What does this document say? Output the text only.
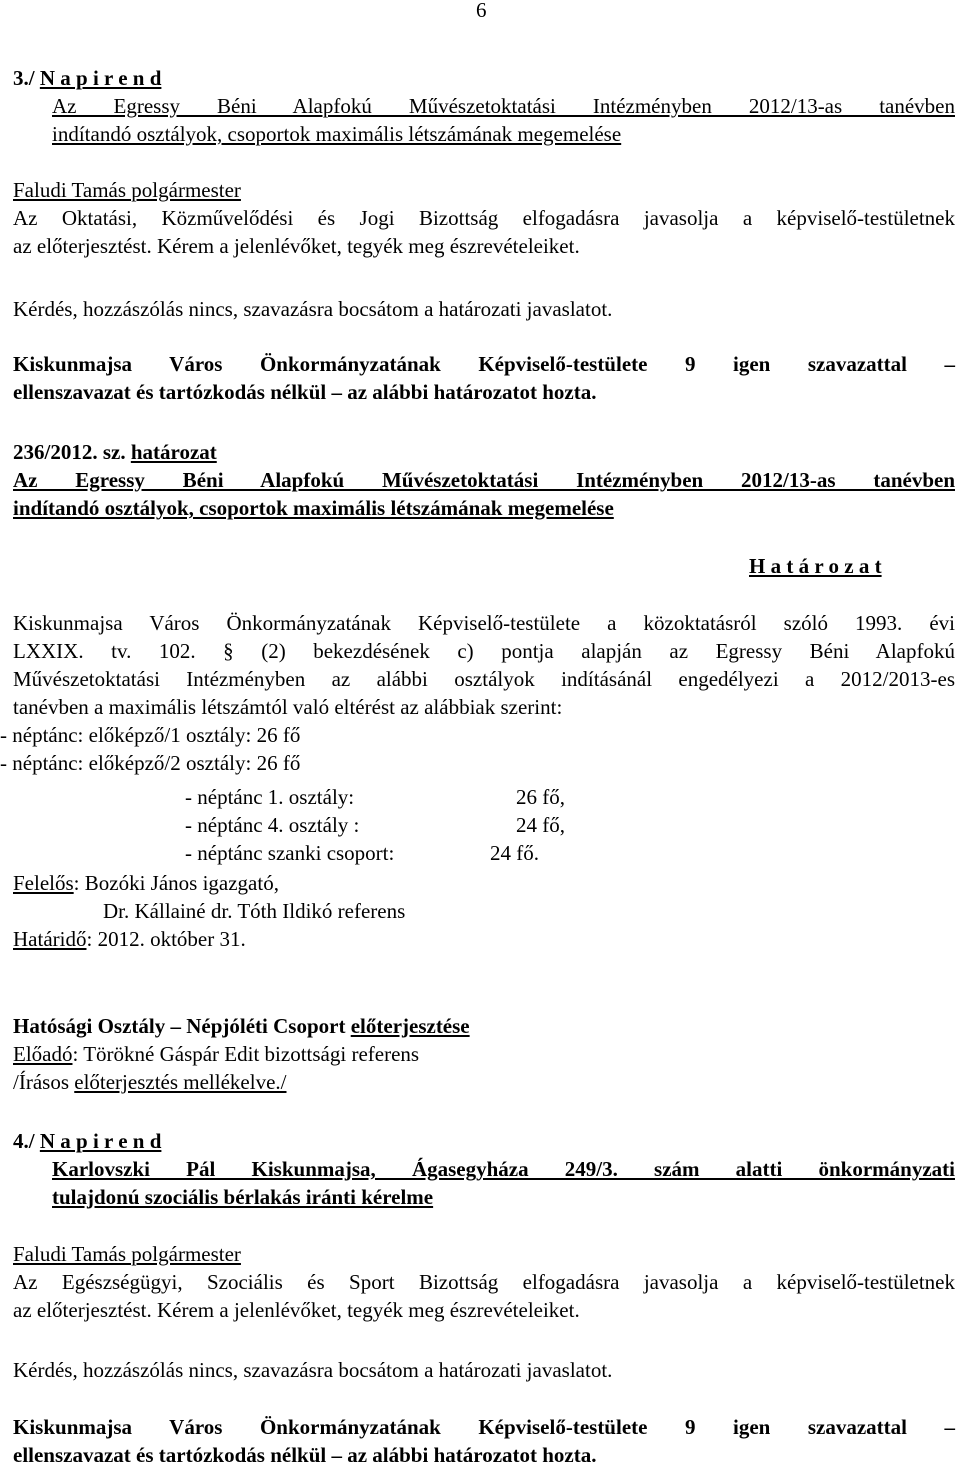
6
3./ N a p i r e n d
Az Egressy Béni Alapfokú Művészetoktatási Intézményben 2012/13-as tanévben
indítandó osztályok, csoportok maximális létszámának megemelése
Faludi Tamás polgármester
Az Oktatási, Közművelődési és Jogi Bizottság elfogadásra javasolja a képviselő-testületnek
az előterjesztést. Kérem a jelenlévőket, tegyék meg észrevételeiket.
Kérdés, hozzászólás nincs, szavazásra bocsátom a határozati javaslatot.
Kiskunmajsa Város Önkormányzatának Képviselő-testülete 9 igen szavazattal –
ellenszavazat és tartózkodás nélkül – az alábbi határozatot hozta.
236/2012. sz. határozat
Az Egressy Béni Alapfokú Művészetoktatási Intézményben 2012/13-as tanévben
indítandó osztályok, csoportok maximális létszámának megemelése
H a t á r o z a t
Kiskunmajsa Város Önkormányzatának Képviselő-testülete a közoktatásról szóló 1993. évi
LXXIX. tv. 102. § (2) bekezdésének c) pontja alapján az Egressy Béni Alapfokú
Művészetoktatási Intézményben az alábbi osztályok indításánál engedélyezi a 2012/2013-es
tanévben a maximális létszámtól való eltérést az alábbiak szerint:
- néptánc: előképző/1 osztály: 26 fő
- néptánc: előképző/2 osztály: 26 fő
- néptánc 1. osztály:	26 fő,
- néptánc 4. osztály :	24 fő,
- néptánc szanki csoport:	24 fő.
Felelős: Bozóki János igazgató,
Dr. Kállainé dr. Tóth Ildikó referens
Határidő: 2012. október 31.
Hatósági Osztály – Népjóléti Csoport előterjesztése
Előadó: Törökné Gáspár Edit bizottsági referens
/Írásos előterjesztés mellékelve./
4./ N a p i r e n d
Karlovszki Pál Kiskunmajsa, Ágasegyháza 249/3. szám alatti önkormányzati
tulajdonú szociális bérlakás iránti kérelme
Faludi Tamás polgármester
Az Egészségügyi, Szociális és Sport Bizottság elfogadásra javasolja a képviselő-testületnek
az előterjesztést. Kérem a jelenlévőket, tegyék meg észrevételeiket.
Kérdés, hozzászólás nincs, szavazásra bocsátom a határozati javaslatot.
Kiskunmajsa Város Önkormányzatának Képviselő-testülete 9 igen szavazattal –
ellenszavazat és tartózkodás nélkül – az alábbi határozatot hozta.
